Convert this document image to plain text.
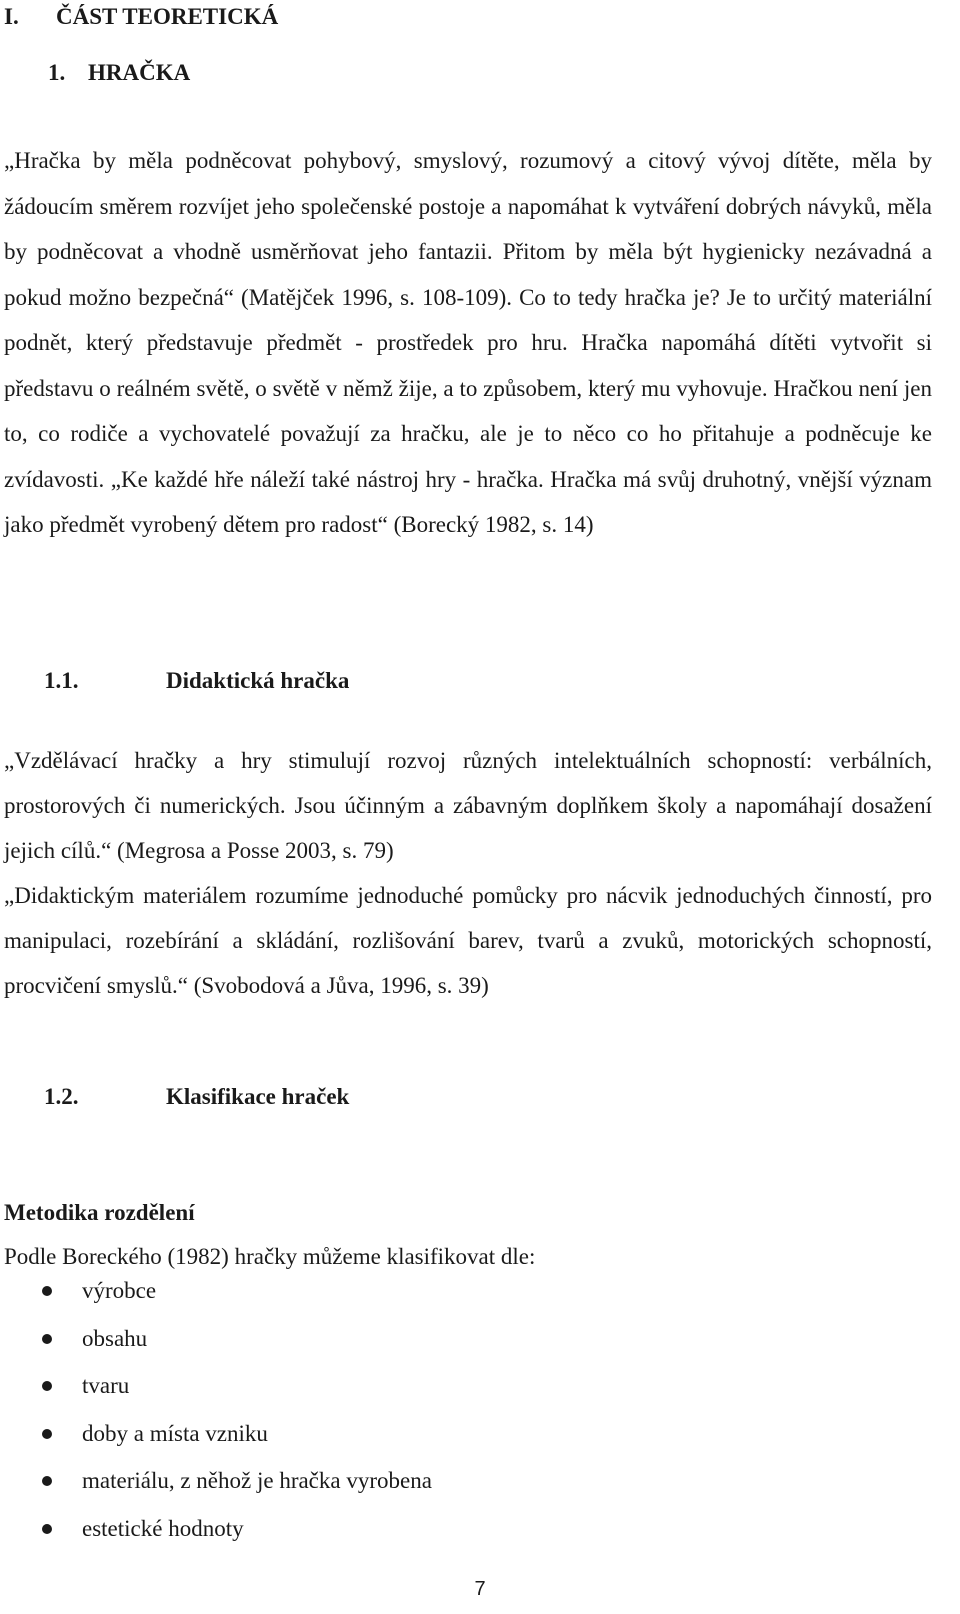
I. ČÁST TEORETICKÁ
1. HRAČKA

„Hračka by měla podněcovat pohybový, smyslový, rozumový a citový vývoj dítěte, měla by žádoucím směrem rozvíjet jeho společenské postoje a napomáhat k vytváření dobrých návyků, měla by podněcovat a vhodně usměrňovat jeho fantazii. Přitom by měla být hygienicky nezávadná a pokud možno bezpečná“ (Matějček 1996, s. 108-109). Co to tedy hračka je? Je to určitý materiální podnět, který představuje předmět - prostředek pro hru. Hračka napomáhá dítěti vytvořit si představu o reálném světě, o světě v němž žije, a to způsobem, který mu vyhovuje. Hračkou není jen to, co rodiče a vychovatelé považují za hračku, ale je to něco co ho přitahuje a podněcuje ke zvídavosti. „Ke každé hře náleží také nástroj hry - hračka. Hračka má svůj druhotný, vnější význam jako předmět vyrobený dětem pro radost“ (Borecký 1982, s. 14)

1.1.	Didaktická hračka

„Vzdělávací hračky a hry stimulují rozvoj různých intelektuálních schopností: verbálních, prostorových či numerických. Jsou účinným a zábavným doplňkem školy a napomáhají dosažení jejich cílů.“ (Megrosa a Posse 2003, s. 79)

„Didaktickým materiálem rozumíme jednoduché pomůcky pro nácvik jednoduchých činností, pro manipulaci, rozebírání a skládání, rozlišování barev, tvarů a zvuků, motorických schopností, procvičení smyslů.“ (Svobodová a Jůva, 1996, s. 39)

1.2.	Klasifikace hraček
Metodika rozdělení

Podle Boreckého (1982) hračky můžeme klasifikovat dle:

výrobce
obsahu
tvaru
doby a místa vzniku
materiálu, z něhož je hračka vyrobena
estetické hodnoty
7
